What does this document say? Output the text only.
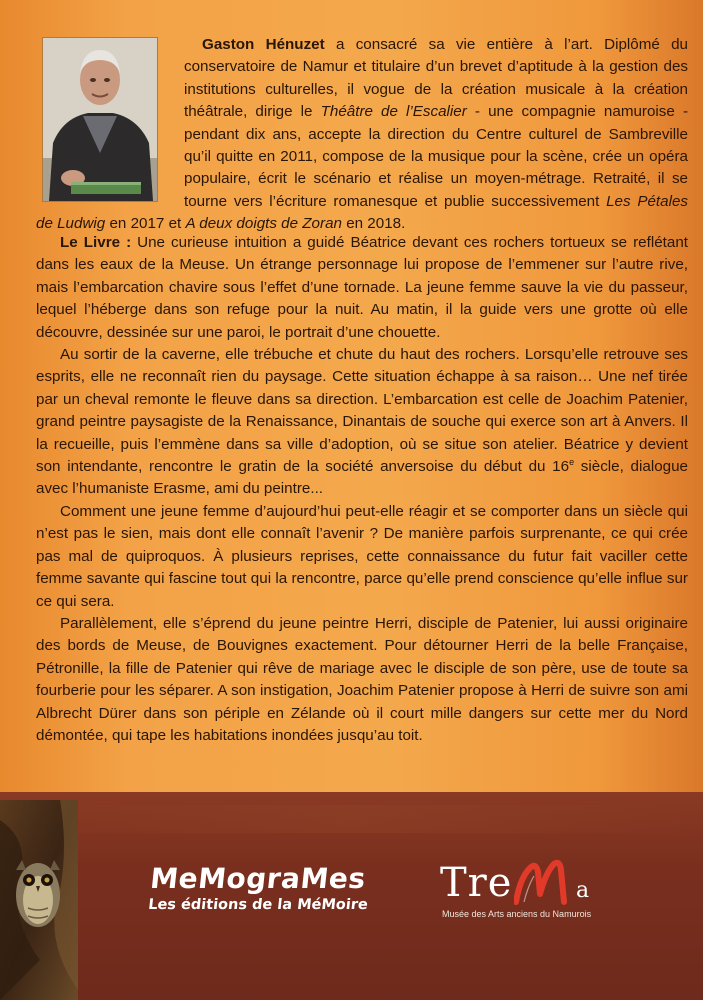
Gaston Hénuzet a consacré sa vie entière à l’art. Diplômé du conservatoire de Namur et titulaire d’un brevet d’aptitude à la gestion des institutions culturelles, il vogue de la création musicale à la création théâtrale, dirige le Théâtre de l’Escalier - une compagnie namuroise - pendant dix ans, accepte la direction du Centre culturel de Sambreville qu’il quitte en 2011, compose de la musique pour la scène, crée un opéra populaire, écrit le scénario et réalise un moyen-métrage. Retraité, il se tourne vers l’écriture romanesque et publie successivement Les Pétales de Ludwig en 2017 et A deux doigts de Zoran en 2018.

Le Livre : Une curieuse intuition a guidé Béatrice devant ces rochers tortueux se reflétant dans les eaux de la Meuse. Un étrange personnage lui propose de l’emmener sur l’autre rive, mais l’embarcation chavire sous l’effet d’une tornade. La jeune femme sauve la vie du passeur, lequel l’héberge dans son refuge pour la nuit. Au matin, il la guide vers une grotte où elle découvre, dessinée sur une paroi, le portrait d’une chouette.

Au sortir de la caverne, elle trébuche et chute du haut des rochers. Lorsqu’elle retrouve ses esprits, elle ne reconnaît rien du paysage. Cette situation échappe à sa raison… Une nef tirée par un cheval remonte le fleuve dans sa direction. L’embarcation est celle de Joachim Patenier, grand peintre paysagiste de la Renaissance, Dinantais de souche qui exerce son art à Anvers. Il la recueille, puis l’emmène dans sa ville d’adoption, où se situe son atelier. Béatrice y devient son intendante, rencontre le gratin de la société anversoise du début du 16e siècle, dialogue avec l’humaniste Erasme, ami du peintre...

Comment une jeune femme d’aujourd’hui peut-elle réagir et se comporter dans un siècle qui n’est pas le sien, mais dont elle connaît l’avenir ? De manière parfois surprenante, ce qui crée pas mal de quiproquos. À plusieurs reprises, cette connaissance du futur fait vaciller cette femme savante qui fascine tout qui la rencontre, parce qu’elle prend conscience qu’elle influe sur ce qui sera.

Parallèlement, elle s’éprend du jeune peintre Herri, disciple de Patenier, lui aussi originaire des bords de Meuse, de Bouvignes exactement. Pour détourner Herri de la belle Française, Pétronille, la fille de Patenier qui rêve de mariage avec le disciple de son père, use de toute sa fourberie pour les séparer. A son instigation, Joachim Patenier propose à Herri de suivre son ami Albrecht Dürer dans son périple en Zélande où il court mille dangers sur cette mer du Nord démontée, qui tape les habitations inondées jusqu’au toit.

MeMograMes
Les éditions de la MéMoire Tre	a
Musée des Arts anciens du Namurois
